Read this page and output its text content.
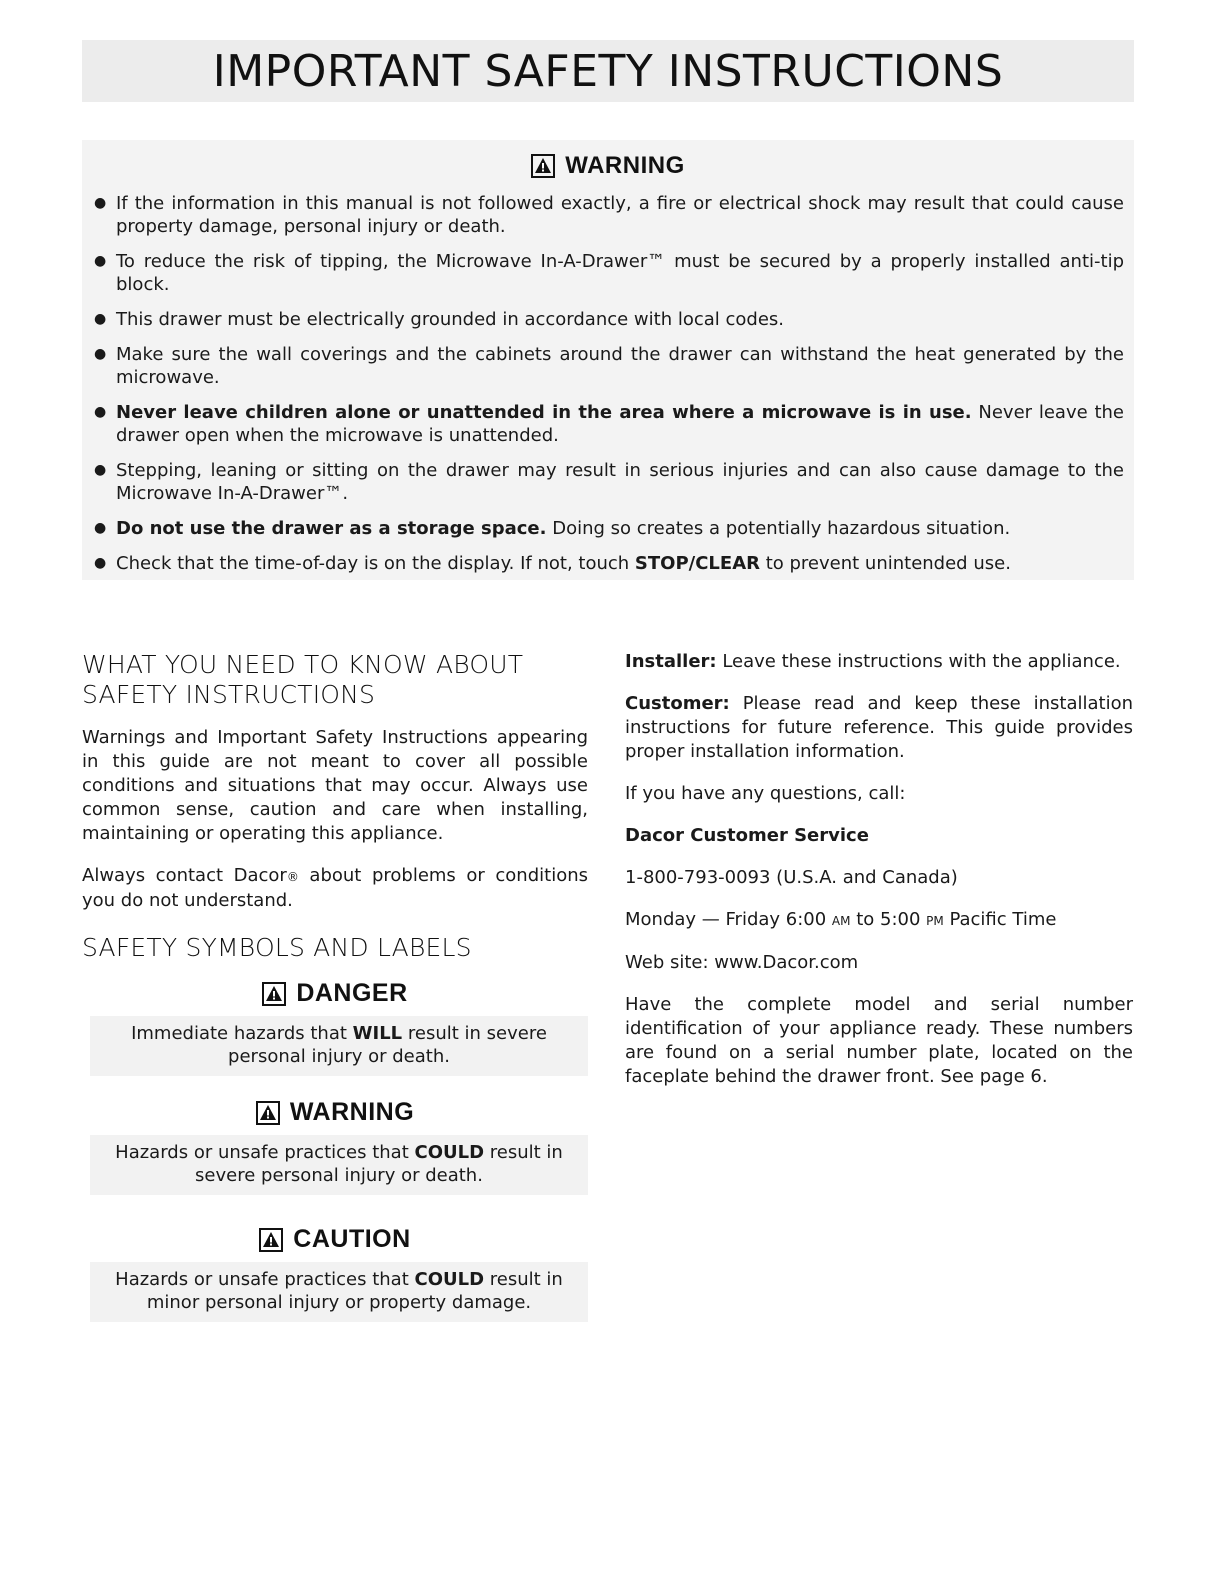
IMPORTANT SAFETY INSTRUCTIONS
WARNING
● If the information in this manual is not followed exactly, a fire or electrical shock may result that could cause property damage, personal injury or death.
● To reduce the risk of tipping, the Microwave In-A-Drawer™ must be secured by a properly installed anti-tip block.
● This drawer must be electrically grounded in accordance with local codes.
● Make sure the wall coverings and the cabinets around the drawer can withstand the heat generated by the microwave.
● Never leave children alone or unattended in the area where a microwave is in use. Never leave the drawer open when the microwave is unattended.
● Stepping, leaning or sitting on the drawer may result in serious injuries and can also cause damage to the Microwave In-A-Drawer™.
● Do not use the drawer as a storage space. Doing so creates a potentially hazardous situation.
● Check that the time-of-day is on the display. If not, touch STOP/CLEAR to prevent unintended use.
WHAT YOU NEED TO KNOW ABOUT SAFETY INSTRUCTIONS

Warnings and Important Safety Instructions appearing in this guide are not meant to cover all possible conditions and situations that may occur. Always use common sense, caution and care when installing, maintaining or operating this appliance.

Always contact Dacor® about problems or conditions you do not understand.

SAFETY SYMBOLS AND LABELS
DANGER
Immediate hazards that WILL result in severe personal injury or death.
WARNING
Hazards or unsafe practices that COULD result in severe personal injury or death.
CAUTION
Hazards or unsafe practices that COULD result in minor personal injury or property damage.

Installer: Leave these instructions with the appliance.

Customer: Please read and keep these installation instructions for future reference. This guide provides proper installation information.

If you have any questions, call:

Dacor Customer Service

1-800-793-0093 (U.S.A. and Canada)

Monday — Friday 6:00 AM to 5:00 PM Pacific Time

Web site: www.Dacor.com

Have the complete model and serial number identification of your appliance ready. These numbers are found on a serial number plate, located on the faceplate behind the drawer front. See page 6.
